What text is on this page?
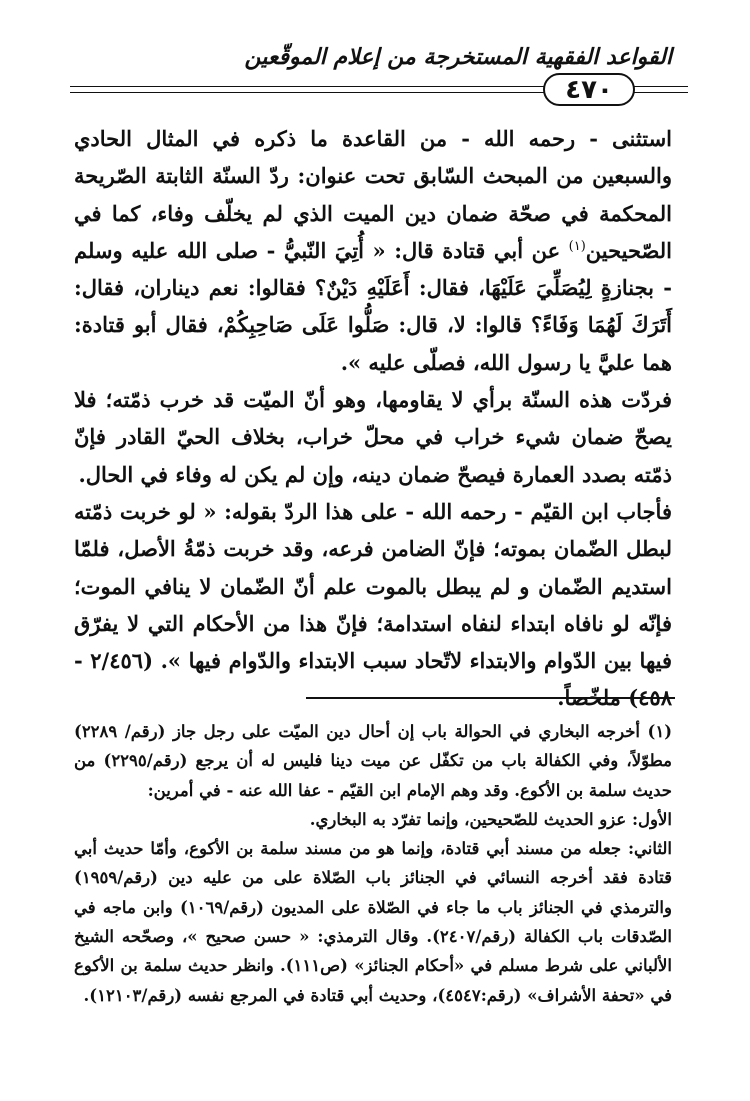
القواعد الفقهية المستخرجة من إعلام الموقّعين
٤٧٠

استثنى - رحمه الله - من القاعدة ما ذكره في المثال الحادي والسبعين من المبحث السّابق تحت عنوان: ردّ السنّة الثابتة الصّريحة المحكمة في صحّة ضمان دين الميت الذي لم يخلّف وفاء، كما في الصّحيحين$^{(١)}$ عن أبي قتادة قال: « أُتِيَ النّبيُّ - صلى الله عليه وسلم - بجنازةٍ لِيُصَلِّيَ عَلَيْهَا، فقال: أَعَلَيْهِ دَيْنٌ؟ فقالوا: نعم ديناران، فقال: أَتَرَكَ لَهُمَا وَفَاءً؟ قالوا: لا، قال: صَلُّوا عَلَى صَاحِبِكُمْ، فقال أبو قتادة: هما عليَّ يا رسول الله، فصلّى عليه ».

فردّت هذه السنّة برأي لا يقاومها، وهو أنّ الميّت قد خرب ذمّته؛ فلا يصحّ ضمان شيء خراب في محلّ خراب، بخلاف الحيّ القادر فإنّ ذمّته بصدد العمارة فيصحّ ضمان دينه، وإن لم يكن له وفاء في الحال.

فأجاب ابن القيّم - رحمه الله - على هذا الردّ بقوله: « لو خربت ذمّته لبطل الضّمان بموته؛ فإنّ الضامن فرعه، وقد خربت ذمّةُ الأصل، فلمّا استديم الضّمان و لم يبطل بالموت علم أنّ الضّمان لا ينافي الموت؛ فإنّه لو نافاه ابتداء لنفاه استدامة؛ فإنّ هذا من الأحكام التي لا يفرّق فيها بين الدّوام والابتداء لاتّحاد سبب الابتداء والدّوام فيها ». (٢/٤٥٦ - ٤٥٨) ملخّصاً.

(١) أخرجه البخاري في الحوالة باب إن أحال دين الميّت على رجل جاز (رقم/ ٢٢٨٩) مطوّلاً، وفي الكفالة باب من تكفّل عن ميت دينا فليس له أن يرجع (رقم/٢٢٩٥) من حديث سلمة بن الأكوع. وقد وهم الإمام ابن القيّم - عفا الله عنه - في أمرين:

الأول: عزو الحديث للصّحيحين، وإنما تفرّد به البخاري.

الثاني: جعله من مسند أبي قتادة، وإنما هو من مسند سلمة بن الأكوع، وأمّا حديث أبي قتادة فقد أخرجه النسائي في الجنائز باب الصّلاة على من عليه دين (رقم/١٩٥٩) والترمذي في الجنائز باب ما جاء في الصّلاة على المديون (رقم/١٠٦٩) وابن ماجه في الصّدقات باب الكفالة (رقم/٢٤٠٧). وقال الترمذي: « حسن صحيح »، وصحّحه الشيخ الألباني على شرط مسلم في «أحكام الجنائز» (ص١١١). وانظر حديث سلمة بن الأكوع في «تحفة الأشراف» (رقم:٤٥٤٧)، وحديث أبي قتادة في المرجع نفسه (رقم/١٢١٠٣).
